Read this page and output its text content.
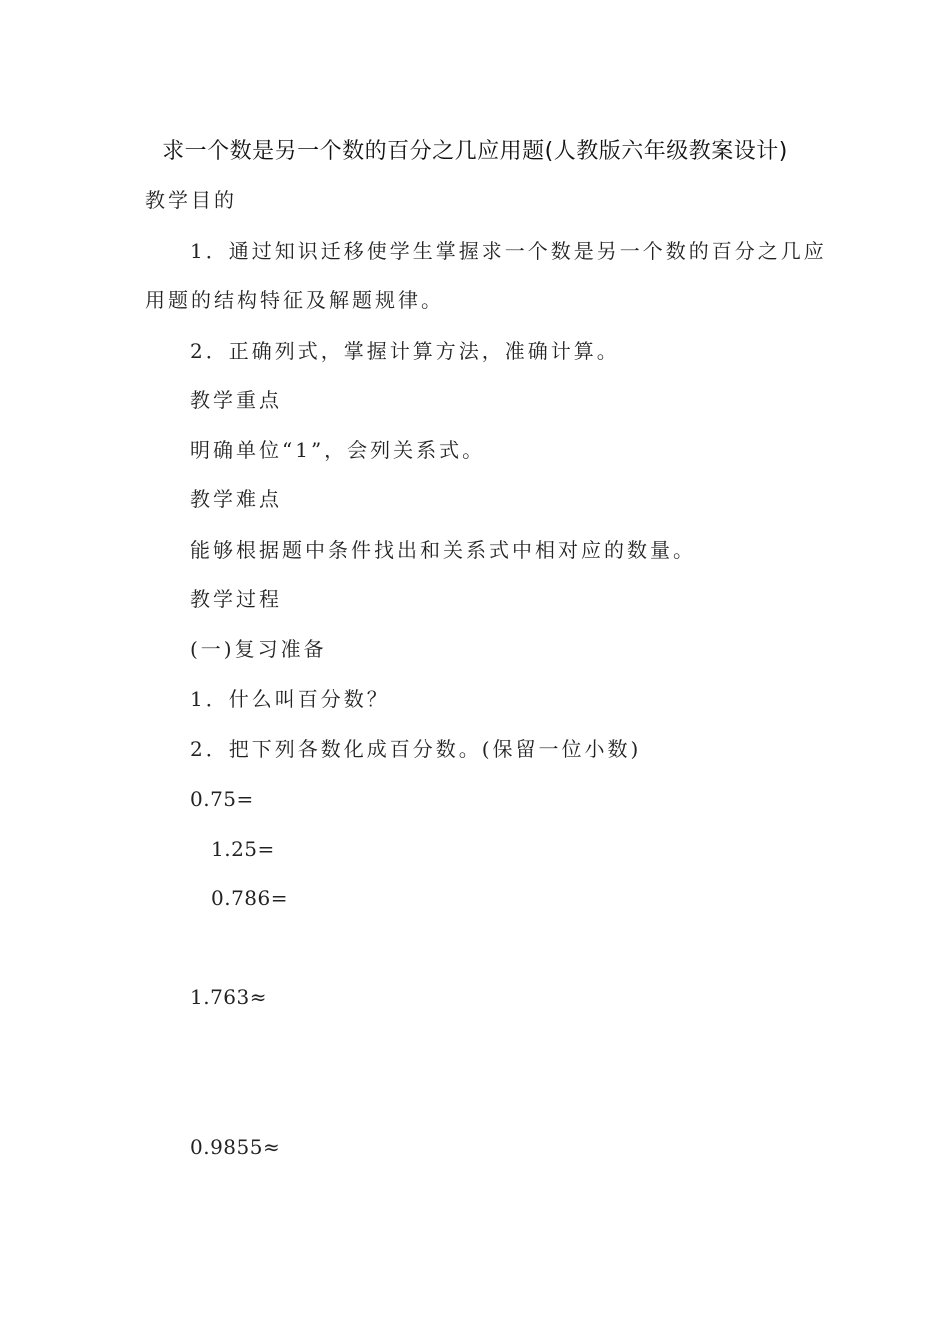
求一个数是另一个数的百分之几应用题(人教版六年级教案设计)
教学目的
1．通过知识迁移使学生掌握求一个数是另一个数的百分之几应
用题的结构特征及解题规律。
2．正确列式，掌握计算方法，准确计算。
教学重点
明确单位“1”，会列关系式。
教学难点
能够根据题中条件找出和关系式中相对应的数量。
教学过程
(一)复习准备
1．什么叫百分数？
2．把下列各数化成百分数。(保留一位小数)
0.75=
1.25=
0.786=
1.763≈
0.9855≈
